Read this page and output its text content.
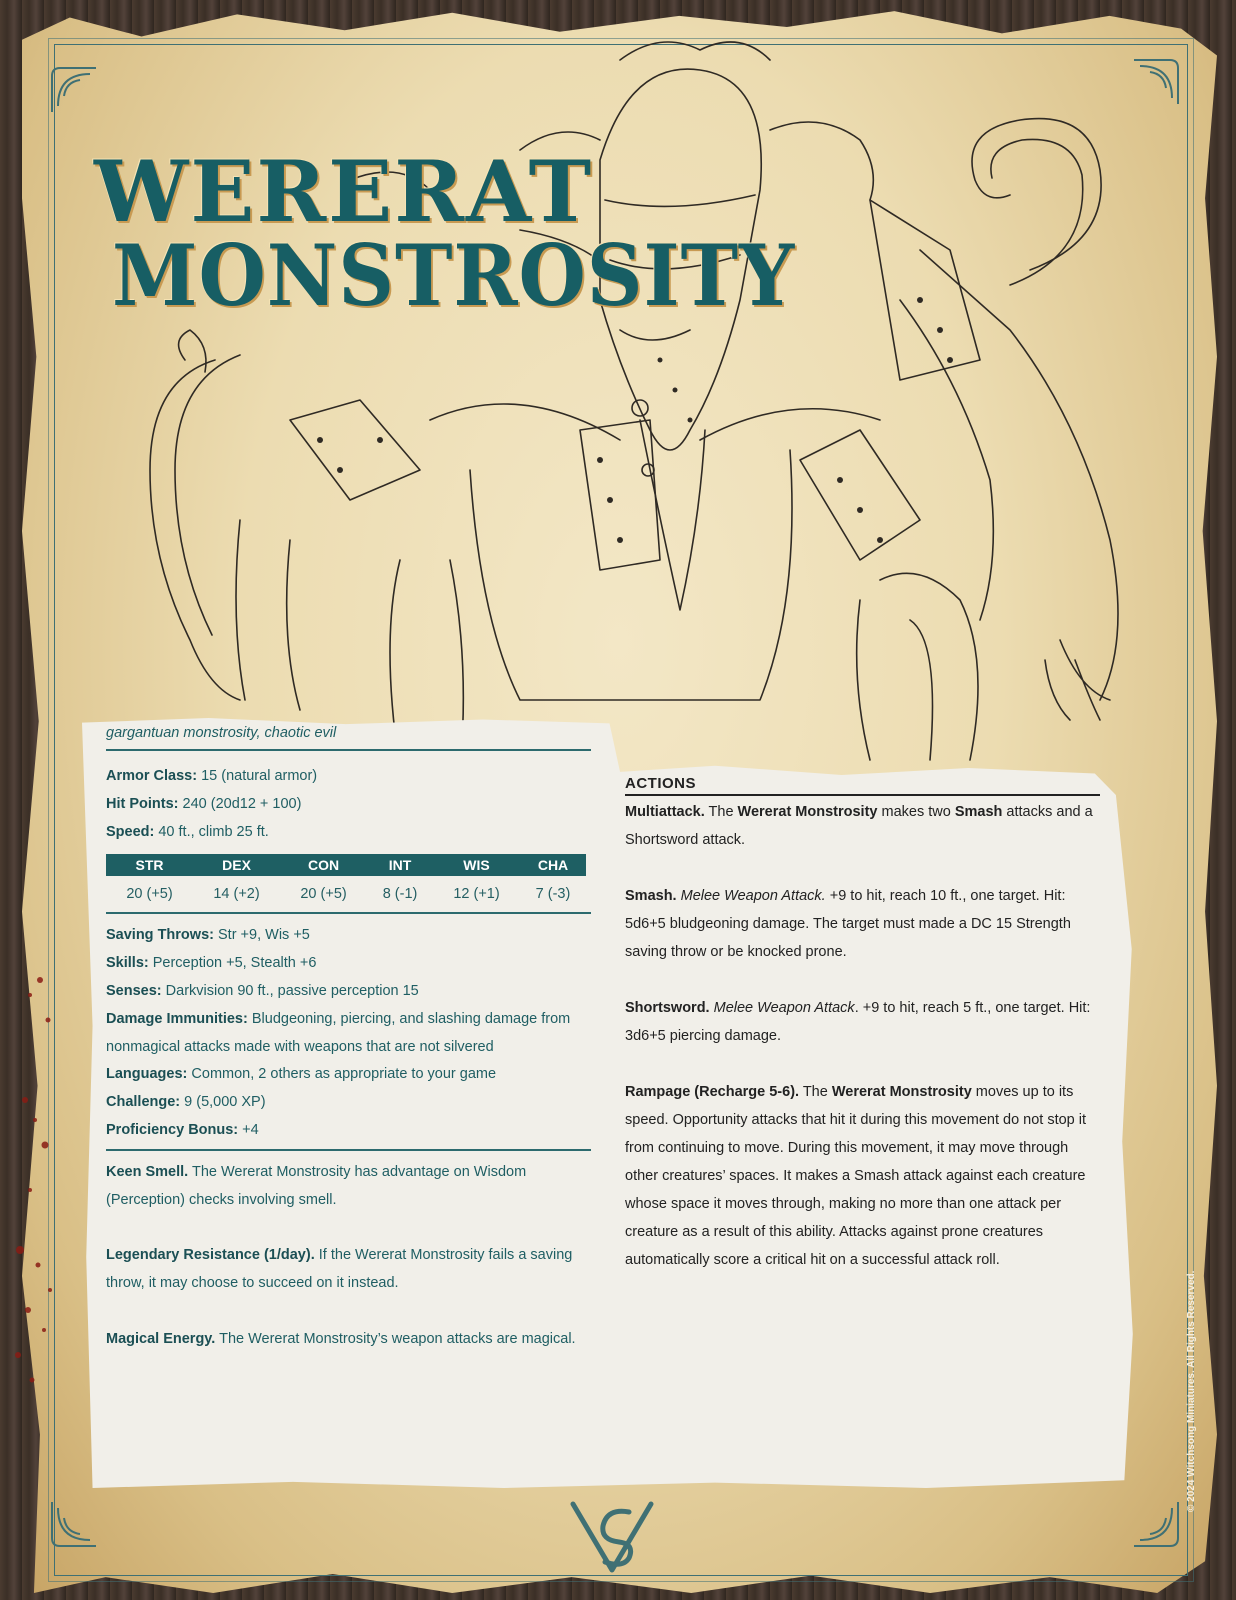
WERERAT
MONSTROSITY

gargantuan monstrosity, chaotic evil

Armor Class: 15 (natural armor)

Hit Points: 240 (20d12 + 100)

Speed: 40 ft., climb 25 ft.

STR	DEX	CON	INT	WIS	CHA
20 (+5)	14 (+2)	20 (+5)	8 (-1)	12 (+1)	7 (-3)

Saving Throws: Str +9, Wis +5

Skills: Perception +5, Stealth +6

Senses: Darkvision 90 ft., passive perception 15

Damage Immunities: Bludgeoning, piercing, and slashing damage from nonmagical attacks made with weapons that are not silvered

Languages: Common, 2 others as appropriate to your game

Challenge: 9 (5,000 XP)

Proficiency Bonus: +4

Keen Smell. The Wererat Monstrosity has advantage on Wisdom (Perception) checks involving smell.

Legendary Resistance (1/day). If the Wererat Monstrosity fails a saving throw, it may choose to succeed on it instead.

Magical Energy. The Wererat Monstrosity’s weapon attacks are magical.

ACTIONS

Multiattack. The Wererat Monstrosity makes two Smash attacks and a Shortsword attack.

Smash. Melee Weapon Attack. +9 to hit, reach 10 ft., one target. Hit: 5d6+5 bludgeoning damage. The target must made a DC 15 Strength saving throw or be knocked prone.

Shortsword. Melee Weapon Attack. +9 to hit, reach 5 ft., one target. Hit: 3d6+5 piercing damage.

Rampage (Recharge 5-6). The Wererat Monstrosity moves up to its speed. Opportunity attacks that hit it during this movement do not stop it from continuing to move. During this movement, it may move through other creatures’ spaces. It makes a Smash attack against each creature whose space it moves through, making no more than one attack per creature as a result of this ability. Attacks against prone creatures automatically score a critical hit on a successful attack roll.

© 2024 Witchsong Miniatures. All Rights Reserved.
